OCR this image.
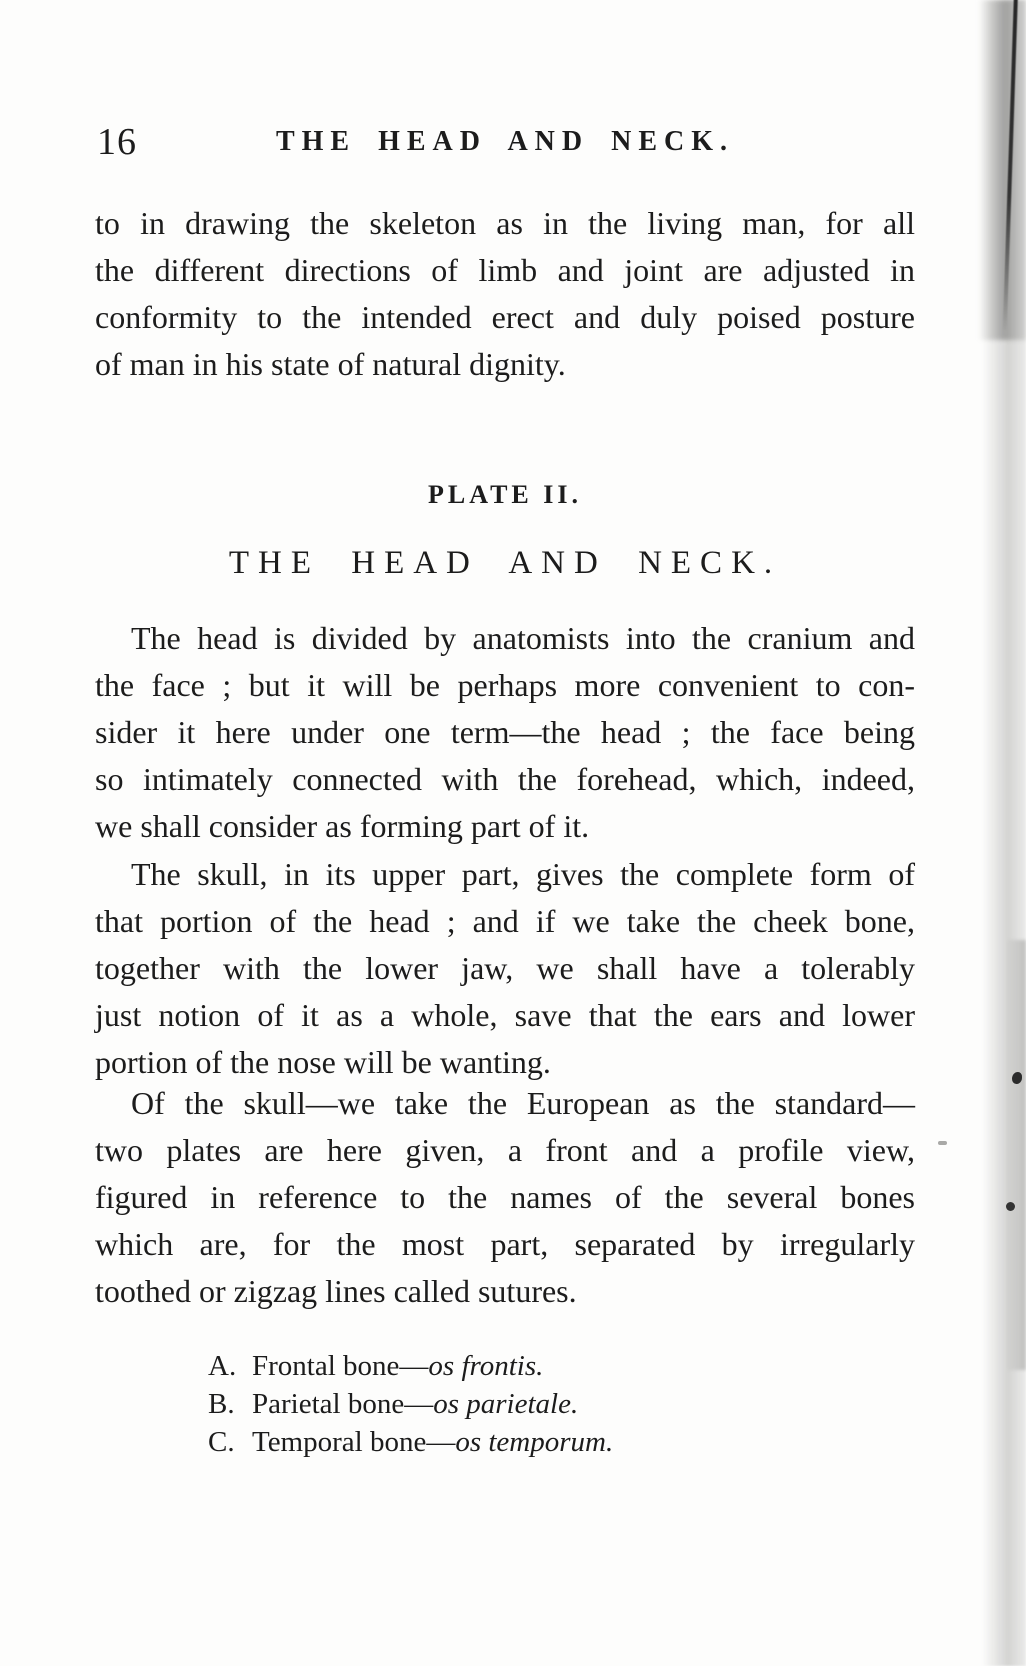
16	THE HEAD AND NECK.
to in drawing the skeleton as in the living man, for all
the different directions of limb and joint are adjusted in
conformity to the intended erect and duly poised posture
of man in his state of natural dignity.
PLATE II.
THE HEAD AND NECK.
The head is divided by anatomists into the cranium and
the face ; but it will be perhaps more convenient to con-
sider it here under one term—the head ; the face being
so intimately connected with the forehead, which, indeed,
we shall consider as forming part of it.
The skull, in its upper part, gives the complete form of
that portion of the head ; and if we take the cheek bone,
together with the lower jaw, we shall have a tolerably
just notion of it as a whole, save that the ears and lower
portion of the nose will be wanting.
Of the skull—we take the European as the standard—
two plates are here given, a front and a profile view,
figured in reference to the names of the several bones
which are, for the most part, separated by irregularly
toothed or zigzag lines called sutures.
A. Frontal bone—os frontis.
B. Parietal bone—os parietale.
C. Temporal bone—os temporum.
